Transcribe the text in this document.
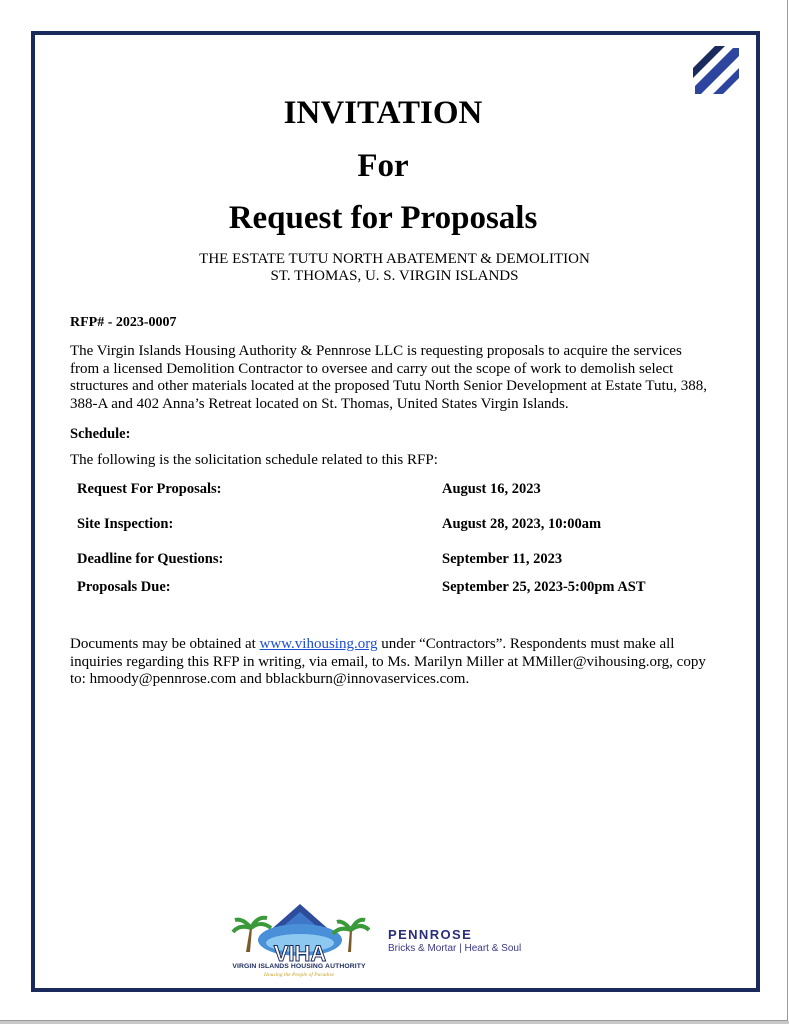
INVITATION
For
Request for Proposals
THE ESTATE TUTU NORTH ABATEMENT & DEMOLITION
ST. THOMAS, U. S. VIRGIN ISLANDS
RFP# - 2023-0007
The Virgin Islands Housing Authority & Pennrose LLC is requesting proposals to acquire the services from a licensed Demolition Contractor to oversee and carry out the scope of work to demolish select structures and other materials located at the proposed Tutu North Senior Development at Estate Tutu, 388, 388-A and 402 Anna’s Retreat located on St. Thomas, United States Virgin Islands.
Schedule:
The following is the solicitation schedule related to this RFP:
Request For Proposals:	August 16, 2023
Site Inspection:	August 28, 2023, 10:00am
Deadline for Questions:	September 11, 2023
Proposals Due:	September 25, 2023-5:00pm AST
Documents may be obtained at www.vihousing.org under “Contractors”. Respondents must make all inquiries regarding this RFP in writing, via email, to Ms. Marilyn Miller at MMiller@vihousing.org, copy to: hmoody@pennrose.com and bblackburn@innovaservices.com.
VIHA
VIRGIN ISLANDS HOUSING AUTHORITY
Housing the People of Paradise
PENNROSE
Bricks & Mortar | Heart & Soul
